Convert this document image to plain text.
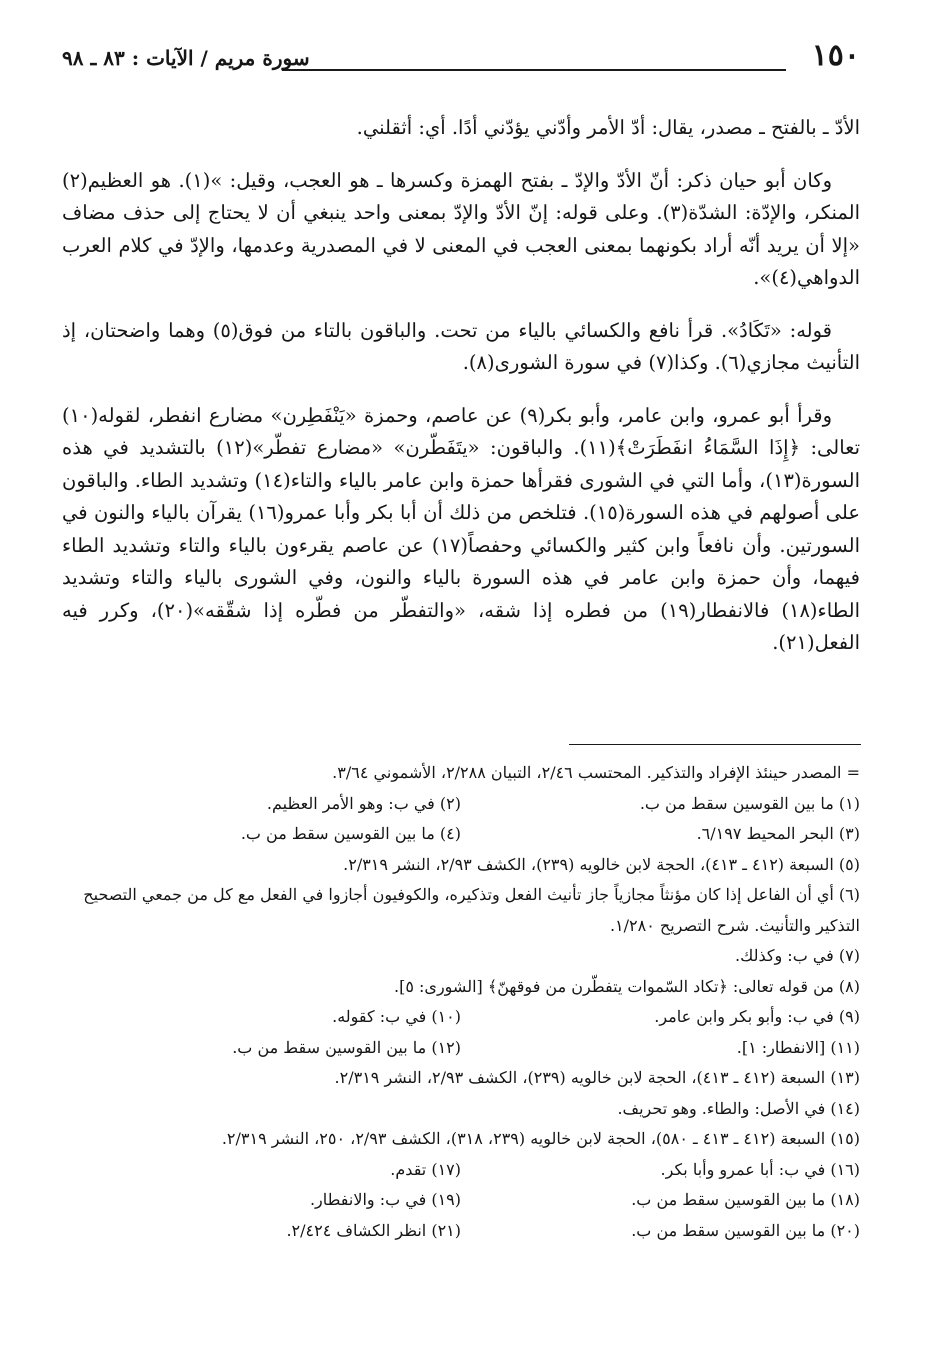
١٥٠
سورة مريم / الآيات : ٨٣ ـ ٩٨

الأدّ ـ بالفتح ـ مصدر، يقال: أدّ الأمر وأدّني يؤدّني أدًا. أي: أثقلني.

وكان أبو حيان ذكر: أنّ الأدّ والإدّ ـ بفتح الهمزة وكسرها ـ هو العجب، وقيل: »(١). هو العظيم(٢) المنكر، والإدّة: الشدّة(٣). وعلى قوله: إنّ الأدّ والإدّ بمعنى واحد ينبغي أن لا يحتاج إلى حذف مضاف «إلا أن يريد أنّه أراد بكونهما بمعنى العجب في المعنى لا في المصدرية وعدمها، والإدّ في كلام العرب الدواهي(٤)».

قوله: «تَكَادُ». قرأ نافع والكسائي بالياء من تحت. والباقون بالتاء من فوق(٥) وهما واضحتان، إذ التأنيث مجازي(٦). وكذا(٧) في سورة الشورى(٨).

وقرأ أبو عمرو، وابن عامر، وأبو بكر(٩) عن عاصم، وحمزة «يَنْفَطِرن» مضارع انفطر، لقوله(١٠) تعالى: ﴿إِذَا السَّمَاءُ انفَطَرَتْ﴾(١١). والباقون: «يتَفَطّرن» «مضارع تفطّر»(١٢) بالتشديد في هذه السورة(١٣)، وأما التي في الشورى فقرأها حمزة وابن عامر بالياء والتاء(١٤) وتشديد الطاء. والباقون على أصولهم في هذه السورة(١٥). فتلخص من ذلك أن أبا بكر وأبا عمرو(١٦) يقرآن بالياء والنون في السورتين. وأن نافعاً وابن كثير والكسائي وحفصاً(١٧) عن عاصم يقرءون بالياء والتاء وتشديد الطاء فيهما، وأن حمزة وابن عامر في هذه السورة بالياء والنون، وفي الشورى بالياء والتاء وتشديد الطاء(١٨) فالانفطار(١٩) من فطره إذا شقه، «والتفطّر من فطّره إذا شقّقه»(٢٠)، وكرر فيه الفعل(٢١).

= المصدر حينئذ الإفراد والتذكير. المحتسب ٢/٤٦، التبيان ٢/٢٨٨، الأشموني ٣/٦٤.

(١) ما بين القوسين سقط من ب.
(٢) في ب: وهو الأمر العظيم.
(٣) البحر المحيط ٦/١٩٧.
(٤) ما بين القوسين سقط من ب.

(٥) السبعة (٤١٢ ـ ٤١٣)، الحجة لابن خالويه (٢٣٩)، الكشف ٢/٩٣، النشر ٢/٣١٩.

(٦) أي أن الفاعل إذا كان مؤنثاً مجازياً جاز تأنيث الفعل وتذكيره، والكوفيون أجازوا في الفعل مع كل من جمعي التصحيح التذكير والتأنيث. شرح التصريح ١/٢٨٠.

(٧) في ب: وكذلك.

(٨) من قوله تعالى: ﴿تكاد السّموات يتفطّرن من فوقهنّ﴾ [الشورى: ٥].

(٩) في ب: وأبو بكر وابن عامر.
(١٠) في ب: كقوله.
(١١) [الانفطار: ١].
(١٢) ما بين القوسين سقط من ب.

(١٣) السبعة (٤١٢ ـ ٤١٣)، الحجة لابن خالويه (٢٣٩)، الكشف ٢/٩٣، النشر ٢/٣١٩.

(١٤) في الأصل: والطاء. وهو تحريف.

(١٥) السبعة (٤١٢ ـ ٤١٣ ـ ٥٨٠)، الحجة لابن خالويه (٢٣٩، ٣١٨)، الكشف ٢/٩٣، ٢٥٠، النشر ٢/٣١٩.

(١٦) في ب: أبا عمرو وأبا بكر.
(١٧) تقدم.
(١٨) ما بين القوسين سقط من ب.
(١٩) في ب: والانفطار.
(٢٠) ما بين القوسين سقط من ب.
(٢١) انظر الكشاف ٢/٤٢٤.
